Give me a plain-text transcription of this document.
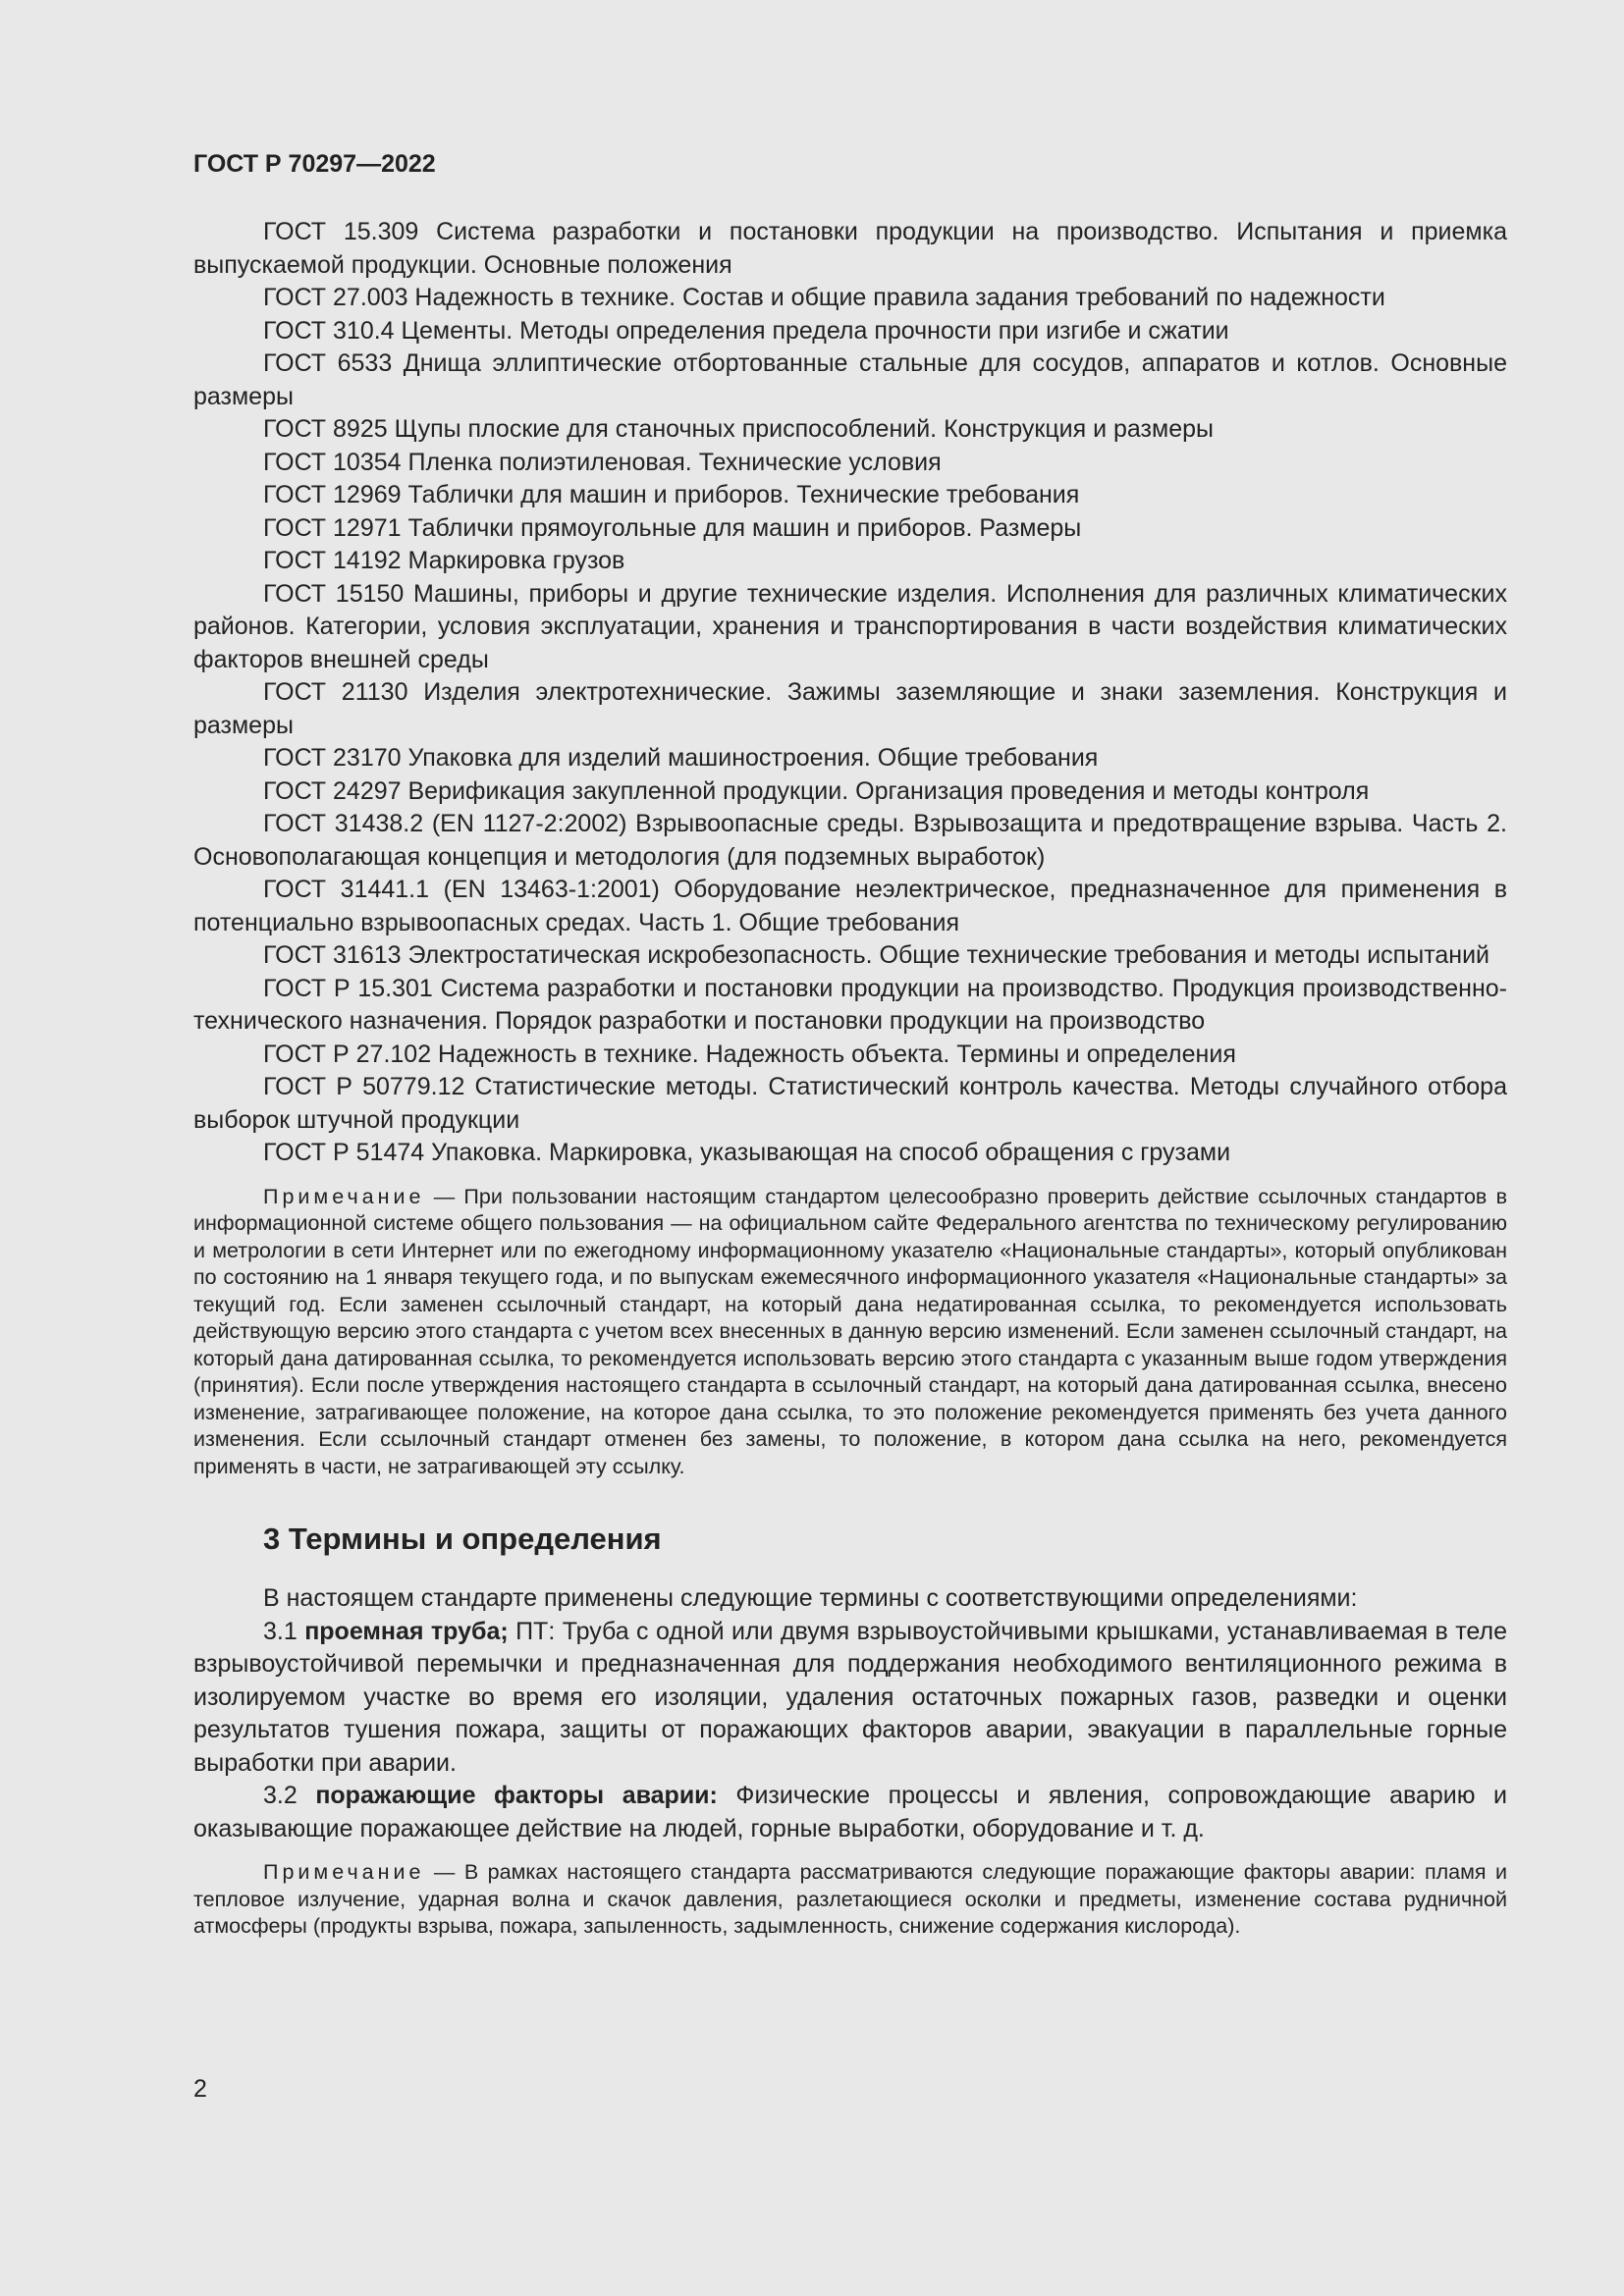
ГОСТ Р 70297—2022

ГОСТ 15.309 Система разработки и постановки продукции на производство. Испытания и приемка выпускаемой продукции. Основные положения

ГОСТ 27.003 Надежность в технике. Состав и общие правила задания требований по надежности

ГОСТ 310.4 Цементы. Методы определения предела прочности при изгибе и сжатии

ГОСТ 6533 Днища эллиптические отбортованные стальные для сосудов, аппаратов и котлов. Основные размеры

ГОСТ 8925 Щупы плоские для станочных приспособлений. Конструкция и размеры

ГОСТ 10354 Пленка полиэтиленовая. Технические условия

ГОСТ 12969 Таблички для машин и приборов. Технические требования

ГОСТ 12971 Таблички прямоугольные для машин и приборов. Размеры

ГОСТ 14192 Маркировка грузов

ГОСТ 15150 Машины, приборы и другие технические изделия. Исполнения для различных климатических районов. Категории, условия эксплуатации, хранения и транспортирования в части воздействия климатических факторов внешней среды

ГОСТ 21130 Изделия электротехнические. Зажимы заземляющие и знаки заземления. Конструкция и размеры

ГОСТ 23170 Упаковка для изделий машиностроения. Общие требования

ГОСТ 24297 Верификация закупленной продукции. Организация проведения и методы контроля

ГОСТ 31438.2 (EN 1127-2:2002) Взрывоопасные среды. Взрывозащита и предотвращение взрыва. Часть 2. Основополагающая концепция и методология (для подземных выработок)

ГОСТ 31441.1 (EN 13463-1:2001) Оборудование неэлектрическое, предназначенное для применения в потенциально взрывоопасных средах. Часть 1. Общие требования

ГОСТ 31613 Электростатическая искробезопасность. Общие технические требования и методы испытаний

ГОСТ Р 15.301 Система разработки и постановки продукции на производство. Продукция производственно-технического назначения. Порядок разработки и постановки продукции на производство

ГОСТ Р 27.102 Надежность в технике. Надежность объекта. Термины и определения

ГОСТ Р 50779.12 Статистические методы. Статистический контроль качества. Методы случайного отбора выборок штучной продукции

ГОСТ Р 51474 Упаковка. Маркировка, указывающая на способ обращения с грузами

Примечание — При пользовании настоящим стандартом целесообразно проверить действие ссылочных стандартов в информационной системе общего пользования — на официальном сайте Федерального агентства по техническому регулированию и метрологии в сети Интернет или по ежегодному информационному указателю «Национальные стандарты», который опубликован по состоянию на 1 января текущего года, и по выпускам ежемесячного информационного указателя «Национальные стандарты» за текущий год. Если заменен ссылочный стандарт, на который дана недатированная ссылка, то рекомендуется использовать действующую версию этого стандарта с учетом всех внесенных в данную версию изменений. Если заменен ссылочный стандарт, на который дана датированная ссылка, то рекомендуется использовать версию этого стандарта с указанным выше годом утверждения (принятия). Если после утверждения настоящего стандарта в ссылочный стандарт, на который дана датированная ссылка, внесено изменение, затрагивающее положение, на которое дана ссылка, то это положение рекомендуется применять без учета данного изменения. Если ссылочный стандарт отменен без замены, то положение, в котором дана ссылка на него, рекомендуется применять в части, не затрагивающей эту ссылку.

3 Термины и определения

В настоящем стандарте применены следующие термины с соответствующими определениями:

3.1 проемная труба; ПТ: Труба с одной или двумя взрывоустойчивыми крышками, устанавливаемая в теле взрывоустойчивой перемычки и предназначенная для поддержания необходимого вентиляционного режима в изолируемом участке во время его изоляции, удаления остаточных пожарных газов, разведки и оценки результатов тушения пожара, защиты от поражающих факторов аварии, эвакуации в параллельные горные выработки при аварии.

3.2 поражающие факторы аварии: Физические процессы и явления, сопровождающие аварию и оказывающие поражающее действие на людей, горные выработки, оборудование и т. д.

Примечание — В рамках настоящего стандарта рассматриваются следующие поражающие факторы аварии: пламя и тепловое излучение, ударная волна и скачок давления, разлетающиеся осколки и предметы, изменение состава рудничной атмосферы (продукты взрыва, пожара, запыленность, задымленность, снижение содержания кислорода).

2
